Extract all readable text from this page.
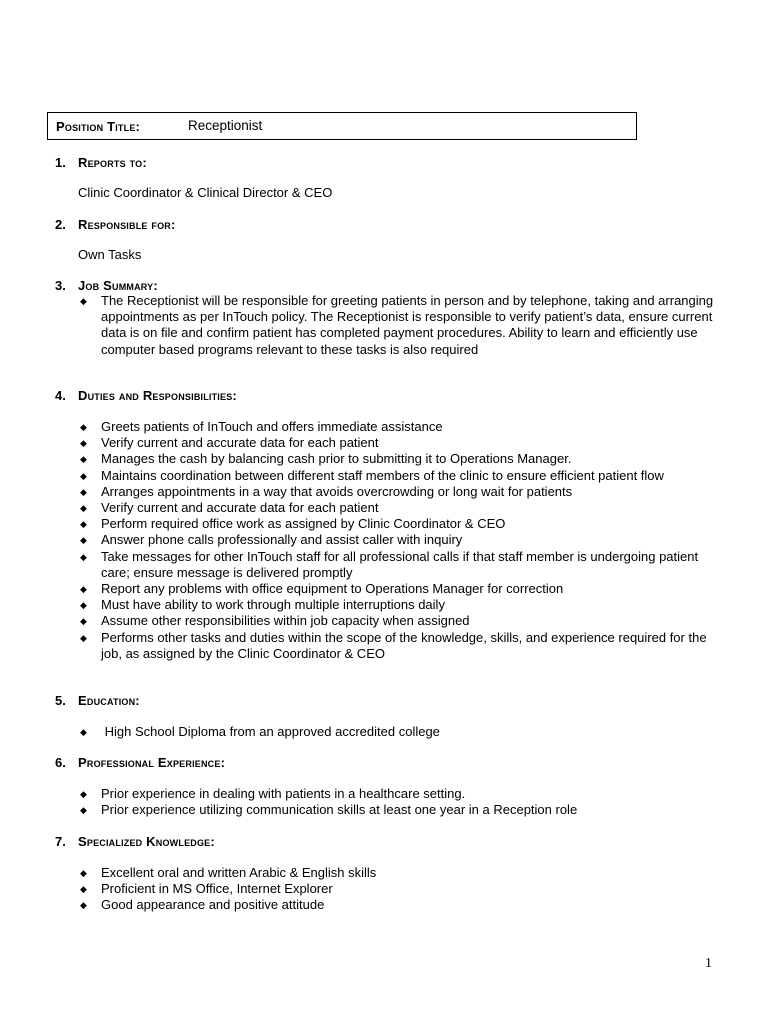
Position Title:	Receptionist
1. Reports to:
Clinic Coordinator & Clinical Director & CEO
2. Responsible for:
Own Tasks
3. Job Summary:
◆ The Receptionist will be responsible for greeting patients in person and by telephone, taking and arranging appointments as per InTouch policy. The Receptionist is responsible to verify patient’s data, ensure current data is on file and confirm patient has completed payment procedures. Ability to learn and efficiently use computer based programs relevant to these tasks is also required
4. Duties and Responsibilities:
◆ Greets patients of InTouch and offers immediate assistance
◆ Verify current and accurate data for each patient
◆ Manages the cash by balancing cash prior to submitting it to Operations Manager.
◆ Maintains coordination between different staff members of the clinic to ensure efficient patient flow
◆ Arranges appointments in a way that avoids overcrowding or long wait for patients
◆ Verify current and accurate data for each patient
◆ Perform required office work as assigned by Clinic Coordinator & CEO
◆ Answer phone calls professionally and assist caller with inquiry
◆ Take messages for other InTouch staff for all professional calls if that staff member is undergoing patient care; ensure message is delivered promptly
◆ Report any problems with office equipment to Operations Manager for correction
◆ Must have ability to work through multiple interruptions daily
◆ Assume other responsibilities within job capacity when assigned
◆ Performs other tasks and duties within the scope of the knowledge, skills, and experience required for the job, as assigned by the Clinic Coordinator & CEO
5. Education:
◆ High School Diploma from an approved accredited college
6. Professional Experience:
◆ Prior experience in dealing with patients in a healthcare setting.
◆ Prior experience utilizing communication skills at least one year in a Reception role
7. Specialized Knowledge:
◆ Excellent oral and written Arabic & English skills
◆ Proficient in MS Office, Internet Explorer
◆ Good appearance and positive attitude
1
